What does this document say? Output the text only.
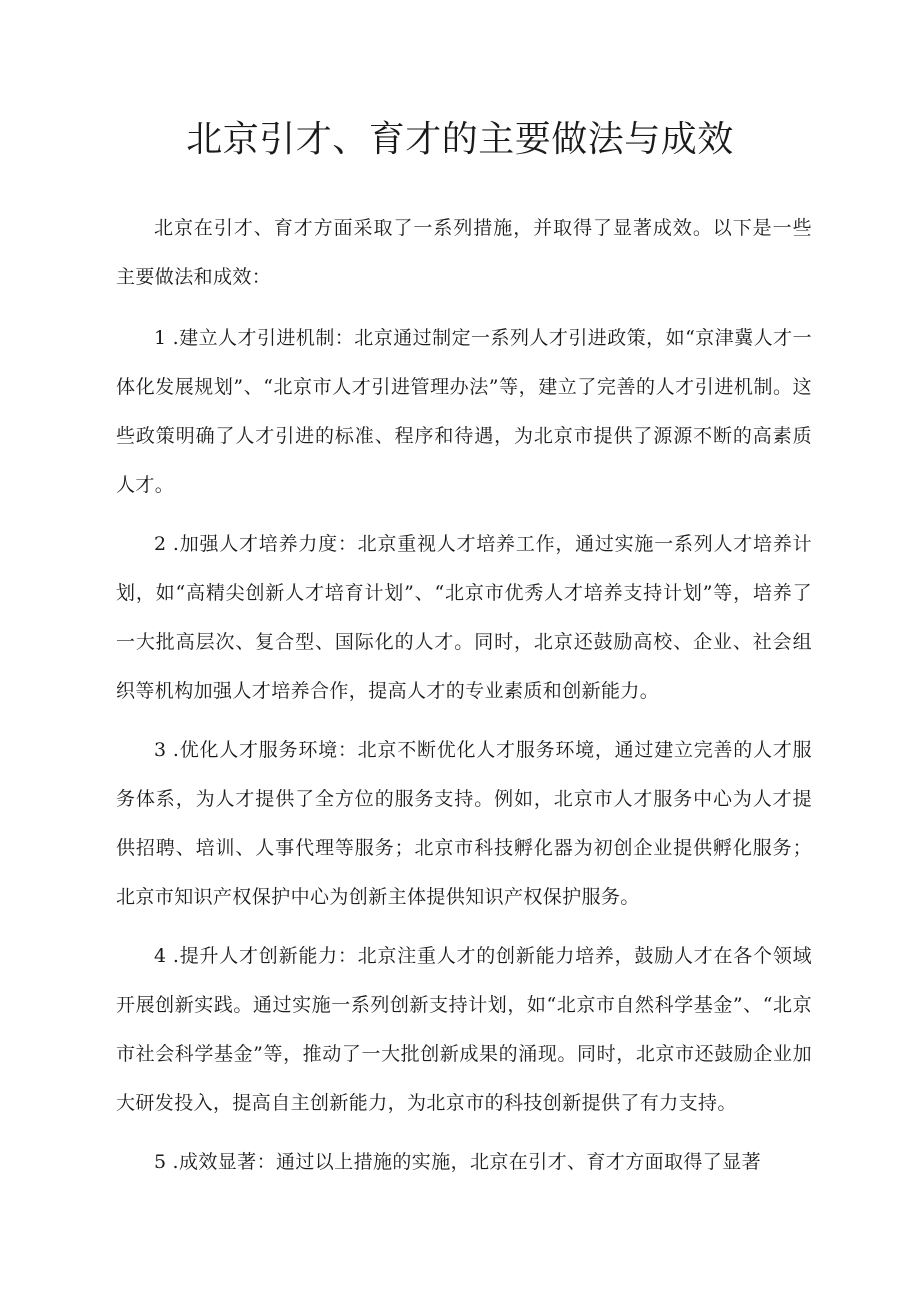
北京引才、育才的主要做法与成效

北京在引才、育才方面采取了一系列措施，并取得了显著成效。以下是一些主要做法和成效：

1 .建立人才引进机制：北京通过制定一系列人才引进政策，如“京津冀人才一体化发展规划”、“北京市人才引进管理办法”等，建立了完善的人才引进机制。这些政策明确了人才引进的标准、程序和待遇，为北京市提供了源源不断的高素质人才。

2 .加强人才培养力度：北京重视人才培养工作，通过实施一系列人才培养计划，如“高精尖创新人才培育计划”、“北京市优秀人才培养支持计划”等，培养了一大批高层次、复合型、国际化的人才。同时，北京还鼓励高校、企业、社会组织等机构加强人才培养合作，提高人才的专业素质和创新能力。

3 .优化人才服务环境：北京不断优化人才服务环境，通过建立完善的人才服务体系，为人才提供了全方位的服务支持。例如，北京市人才服务中心为人才提供招聘、培训、人事代理等服务；北京市科技孵化器为初创企业提供孵化服务；北京市知识产权保护中心为创新主体提供知识产权保护服务。

4 .提升人才创新能力：北京注重人才的创新能力培养，鼓励人才在各个领域开展创新实践。通过实施一系列创新支持计划，如“北京市自然科学基金”、“北京市社会科学基金”等，推动了一大批创新成果的涌现。同时，北京市还鼓励企业加大研发投入，提高自主创新能力，为北京市的科技创新提供了有力支持。

5 .成效显著：通过以上措施的实施，北京在引才、育才方面取得了显著
